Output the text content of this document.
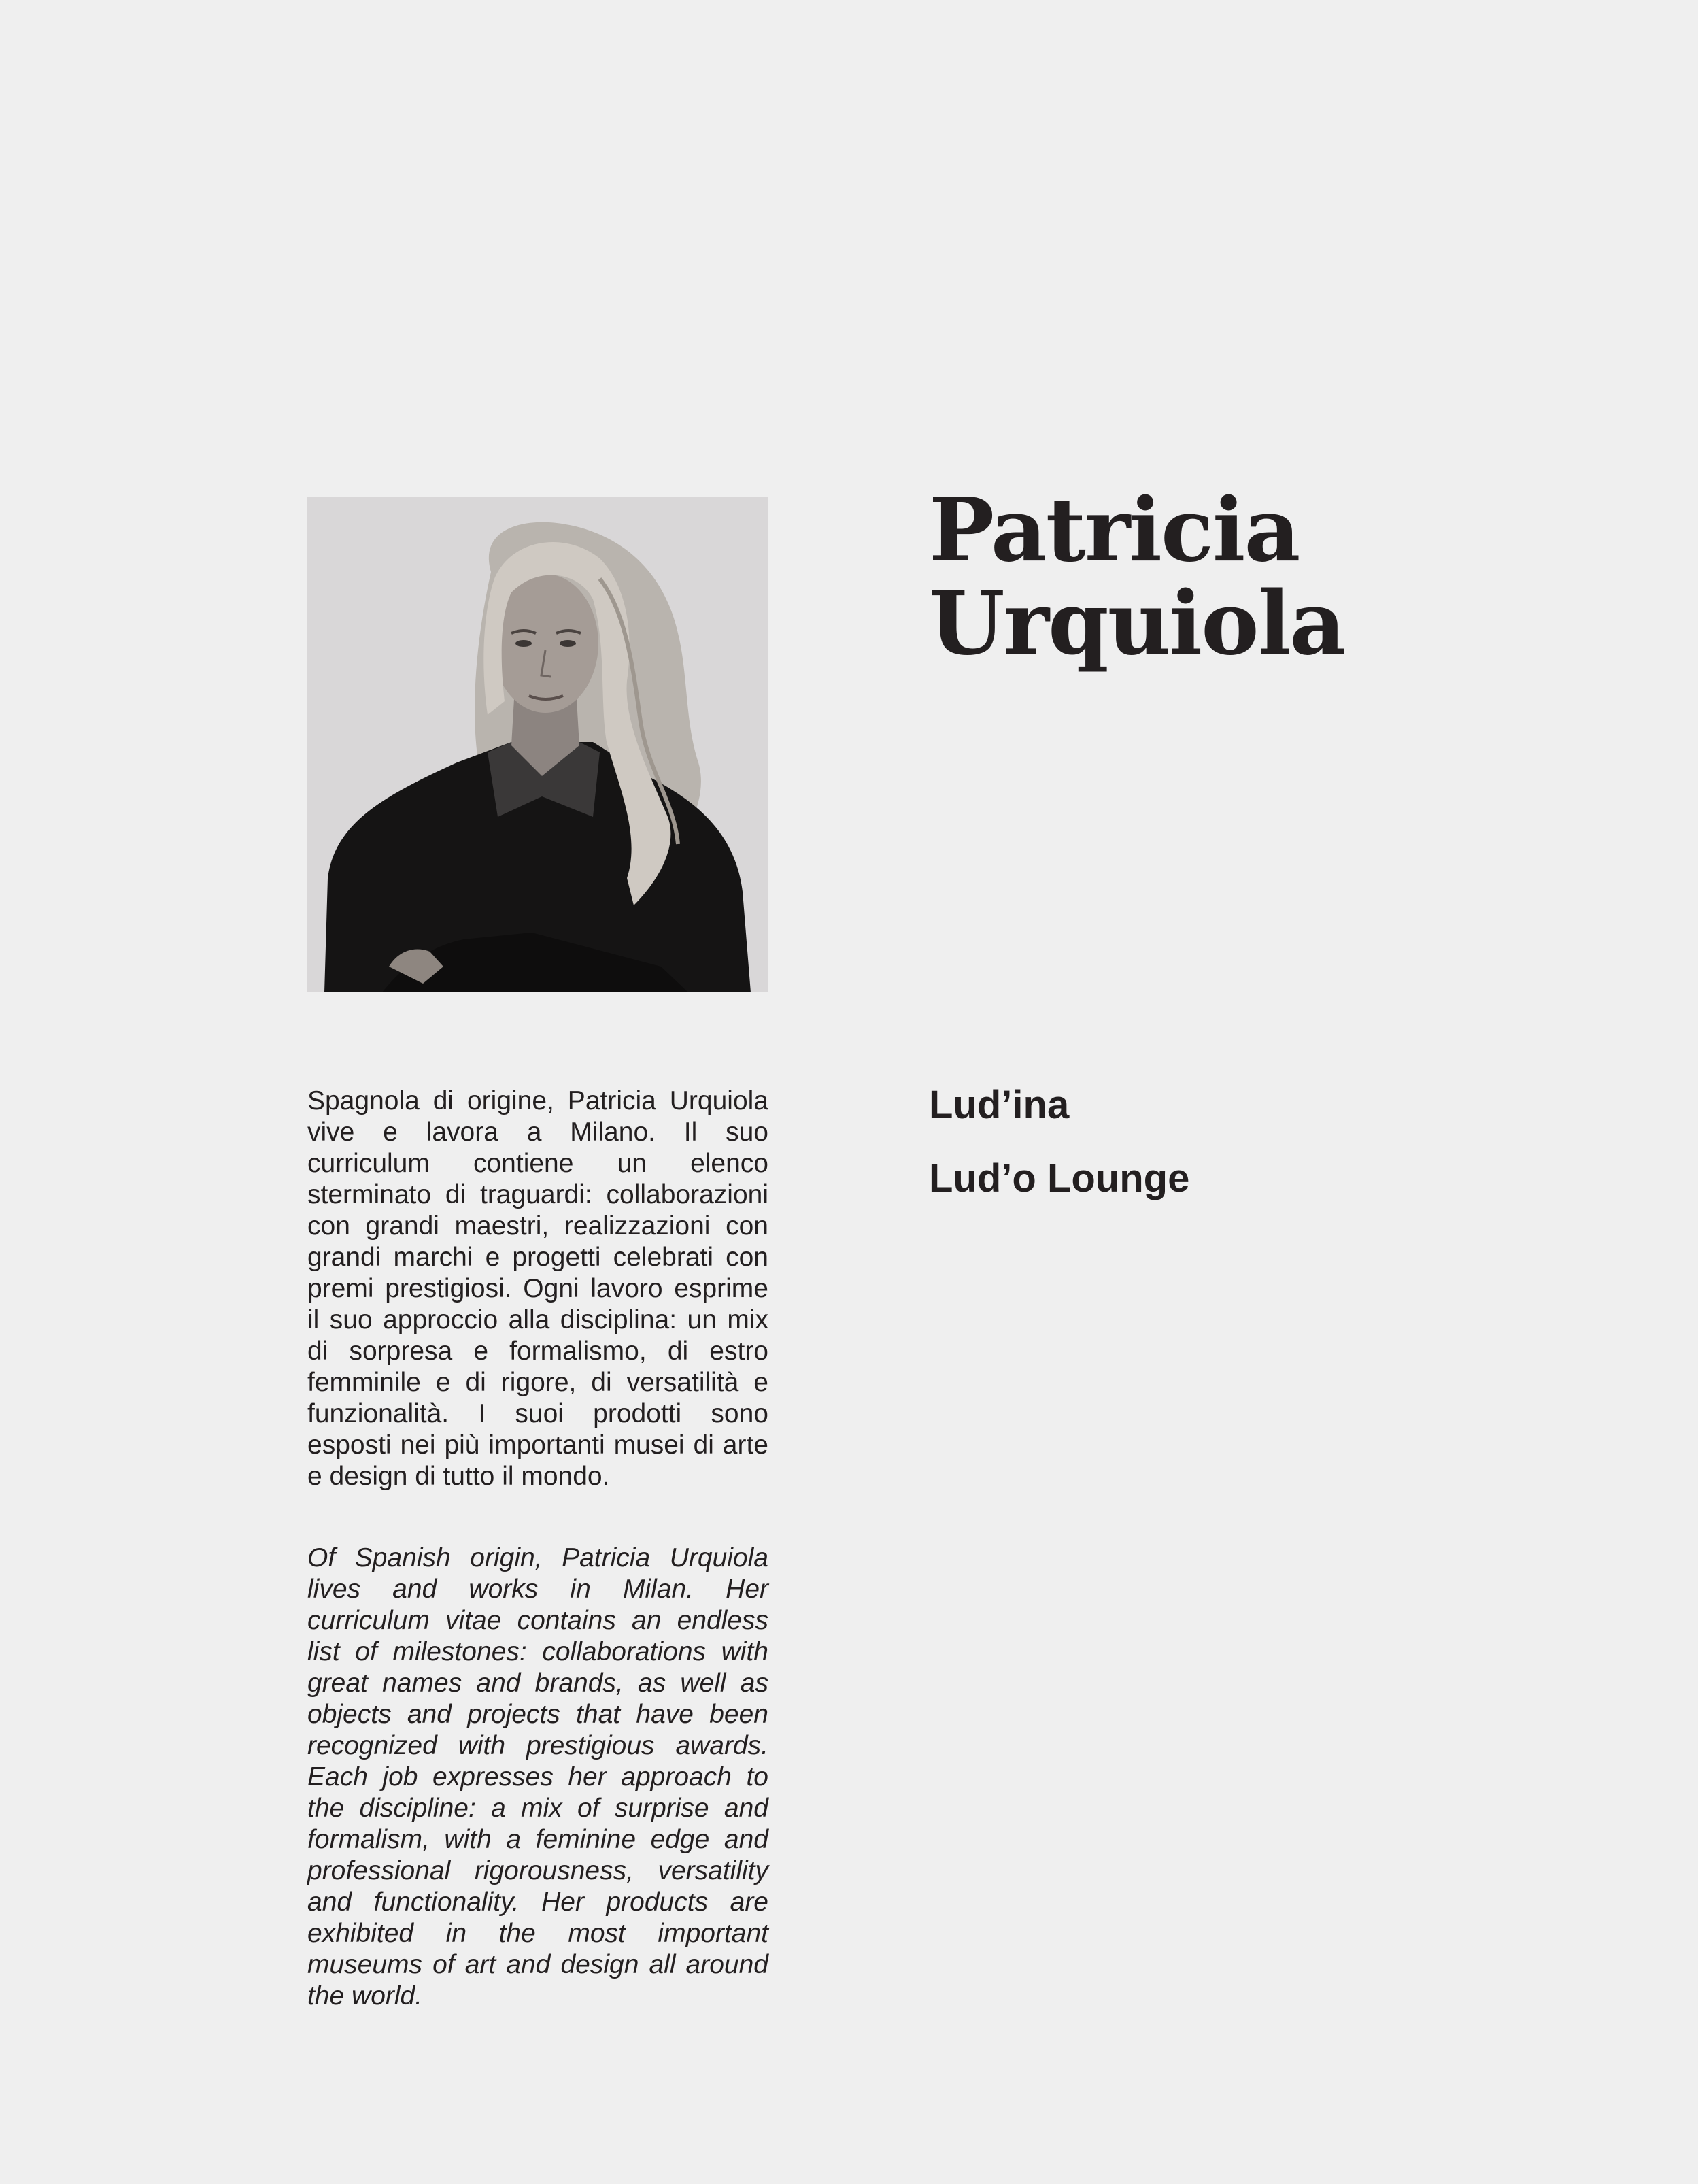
Patricia
Urquiola
Lud’ina
Lud’o Lounge

Spagnola di origine, Patricia Urquiola vive e lavora a Milano. Il suo curriculum contiene un elenco sterminato di traguardi: collaborazioni con grandi maestri, realizzazioni con grandi marchi e progetti celebrati con premi prestigiosi. Ogni lavoro esprime il suo approccio alla disciplina: un mix di sorpresa e formalismo, di estro femminile e di rigore, di versatilità e funzionalità. I suoi prodotti sono esposti nei più importanti musei di arte e design di tutto il mondo.

Of Spanish origin, Patricia Urquiola lives and works in Milan. Her curriculum vitae contains an endless list of milestones: collaborations with great names and brands, as well as objects and projects that have been recognized with prestigious awards. Each job expresses her approach to the discipline: a mix of surprise and formalism, with a feminine edge and professional rigorousness, versatility and functionality. Her products are exhibited in the most important museums of art and design all around the world.
